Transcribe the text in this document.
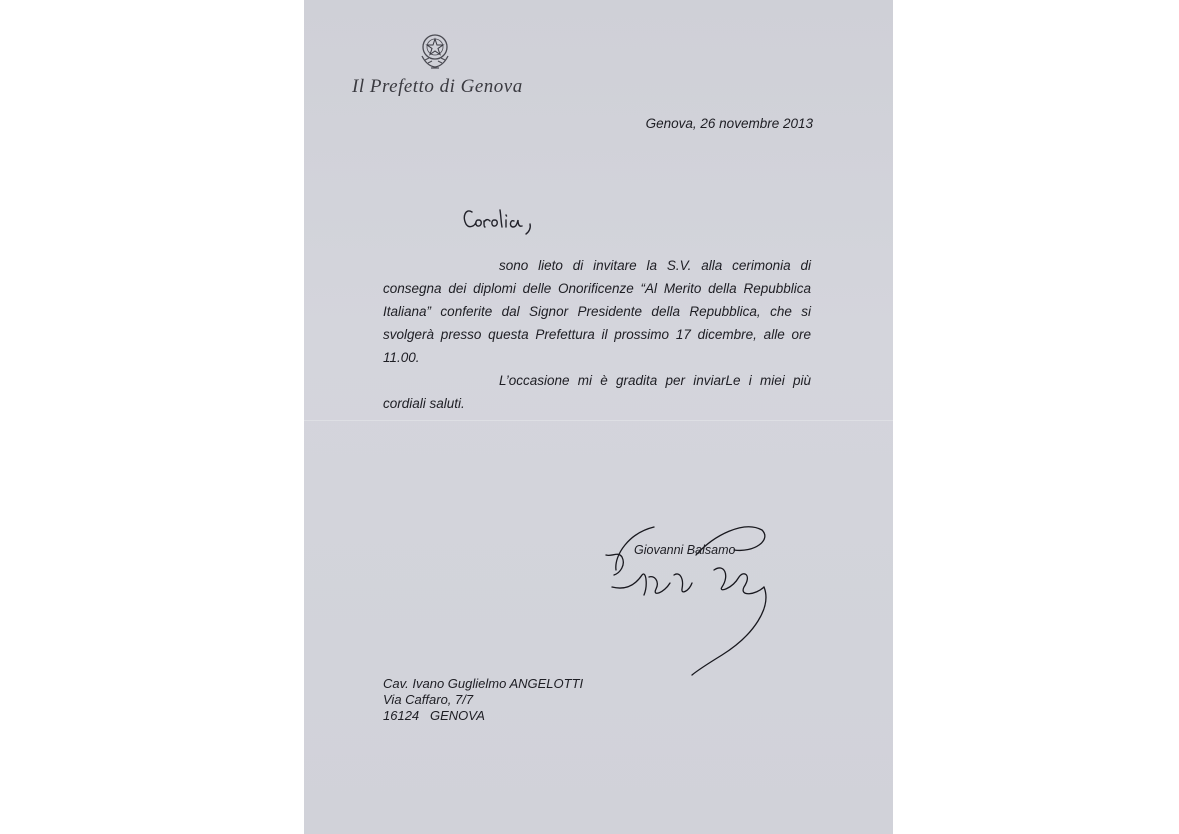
Il Prefetto di Genova
Genova, 26 novembre 2013

sono lieto di invitare la S.V. alla cerimonia di consegna dei diplomi delle Onorificenze “Al Merito della Repubblica Italiana” conferite dal Signor Presidente della Repubblica, che si svolgerà presso questa Prefettura il prossimo 17 dicembre, alle ore 11.00.

L’occasione mi è gradita per inviarLe i miei più cordiali saluti.

Giovanni Balsamo
Cav. Ivano Guglielmo ANGELOTTI
Via Caffaro, 7/7
16124   GENOVA
